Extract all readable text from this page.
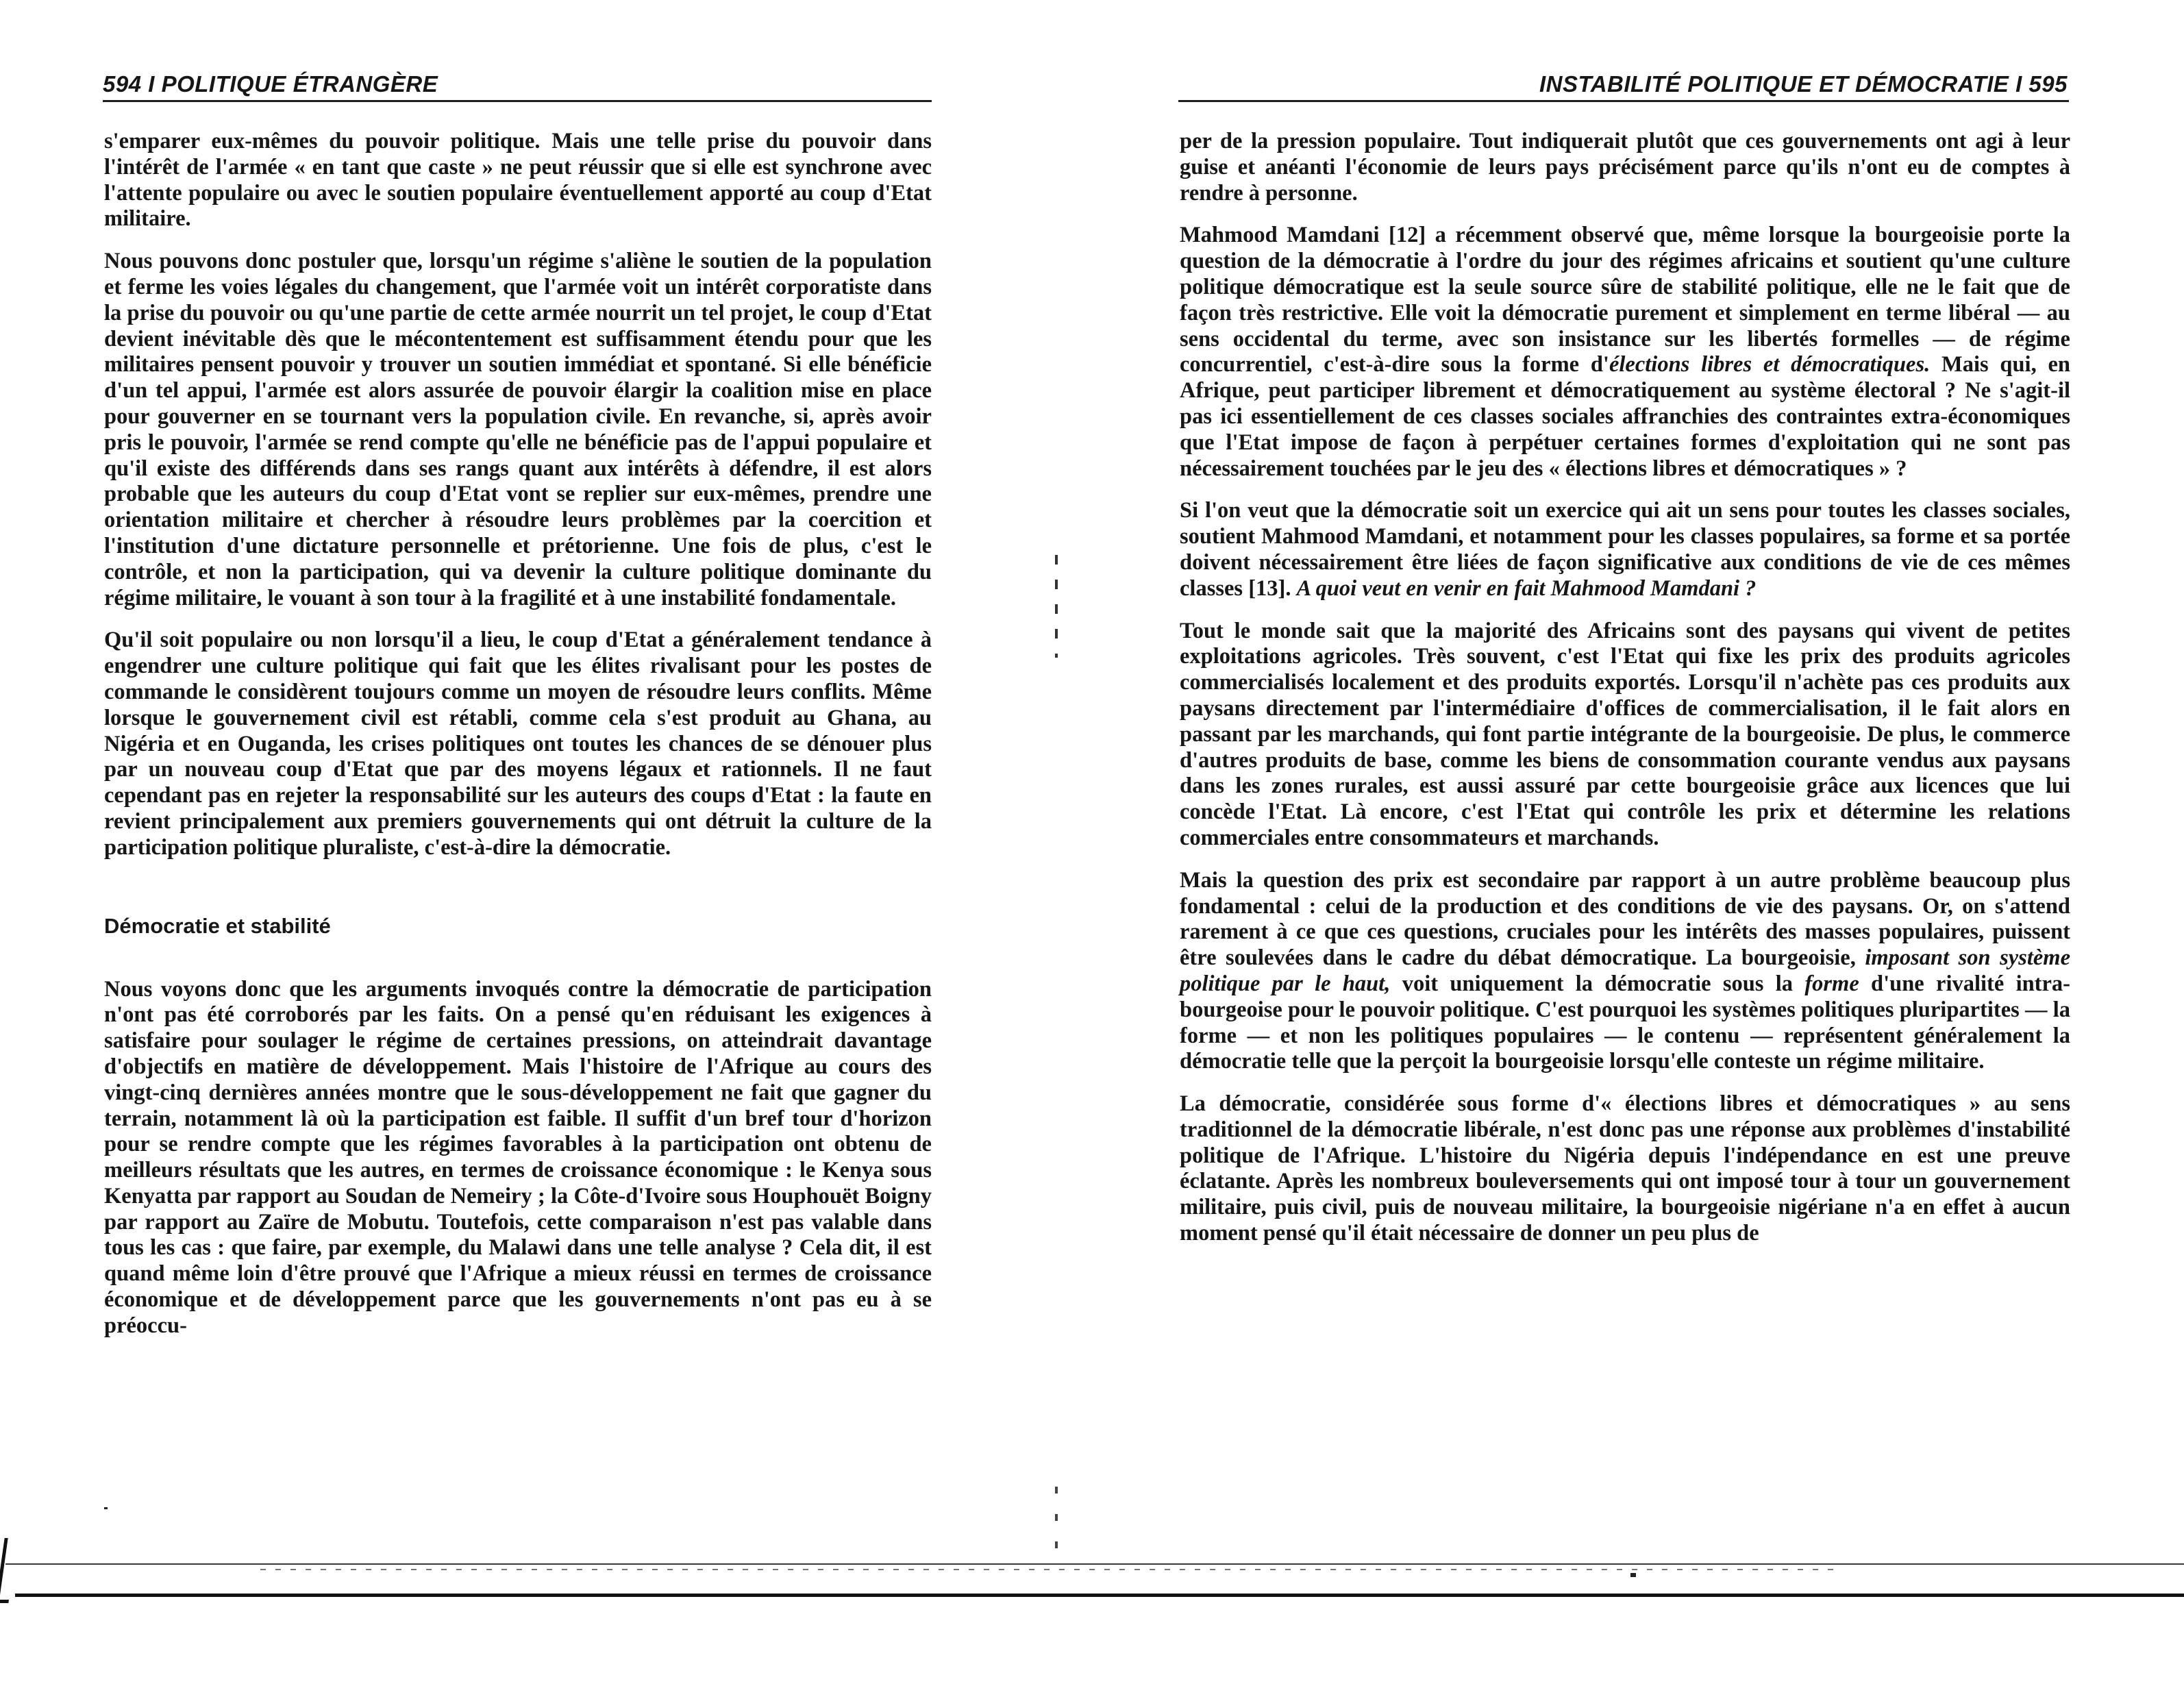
594 I POLITIQUE ÉTRANGÈRE

s'emparer eux-mêmes du pouvoir politique. Mais une telle prise du pouvoir dans l'intérêt de l'armée « en tant que caste » ne peut réussir que si elle est synchrone avec l'attente populaire ou avec le soutien populaire éventuellement apporté au coup d'Etat militaire.

Nous pouvons donc postuler que, lorsqu'un régime s'aliène le soutien de la population et ferme les voies légales du changement, que l'armée voit un intérêt corporatiste dans la prise du pouvoir ou qu'une partie de cette armée nourrit un tel projet, le coup d'Etat devient inévitable dès que le mécontentement est suffisamment étendu pour que les militaires pensent pouvoir y trouver un soutien immédiat et spontané. Si elle bénéficie d'un tel appui, l'armée est alors assurée de pouvoir élargir la coalition mise en place pour gouverner en se tournant vers la population civile. En revanche, si, après avoir pris le pouvoir, l'armée se rend compte qu'elle ne bénéficie pas de l'appui populaire et qu'il existe des différends dans ses rangs quant aux intérêts à défendre, il est alors probable que les auteurs du coup d'Etat vont se replier sur eux-mêmes, prendre une orientation militaire et chercher à résoudre leurs problèmes par la coercition et l'institution d'une dictature personnelle et prétorienne. Une fois de plus, c'est le contrôle, et non la participation, qui va devenir la culture politique dominante du régime militaire, le vouant à son tour à la fragilité et à une instabilité fondamentale.

Qu'il soit populaire ou non lorsqu'il a lieu, le coup d'Etat a généralement tendance à engendrer une culture politique qui fait que les élites rivalisant pour les postes de commande le considèrent toujours comme un moyen de résoudre leurs conflits. Même lorsque le gouvernement civil est rétabli, comme cela s'est produit au Ghana, au Nigéria et en Ouganda, les crises politiques ont toutes les chances de se dénouer plus par un nouveau coup d'Etat que par des moyens légaux et rationnels. Il ne faut cependant pas en rejeter la responsabilité sur les auteurs des coups d'Etat : la faute en revient principalement aux premiers gouvernements qui ont détruit la culture de la participation politique pluraliste, c'est-à-dire la démocratie.

Démocratie et stabilité

Nous voyons donc que les arguments invoqués contre la démocratie de participation n'ont pas été corroborés par les faits. On a pensé qu'en réduisant les exigences à satisfaire pour soulager le régime de certaines pressions, on atteindrait davantage d'objectifs en matière de développement. Mais l'histoire de l'Afrique au cours des vingt-cinq dernières années montre que le sous-développement ne fait que gagner du terrain, notamment là où la participation est faible. Il suffit d'un bref tour d'horizon pour se rendre compte que les régimes favorables à la participation ont obtenu de meilleurs résultats que les autres, en termes de croissance économique : le Kenya sous Kenyatta par rapport au Soudan de Nemeiry ; la Côte-d'Ivoire sous Houphouët Boigny par rapport au Zaïre de Mobutu. Toutefois, cette comparaison n'est pas valable dans tous les cas : que faire, par exemple, du Malawi dans une telle analyse ? Cela dit, il est quand même loin d'être prouvé que l'Afrique a mieux réussi en termes de croissance économique et de développement parce que les gouvernements n'ont pas eu à se préoccu-

INSTABILITÉ POLITIQUE ET DÉMOCRATIE I 595

per de la pression populaire. Tout indiquerait plutôt que ces gouvernements ont agi à leur guise et anéanti l'économie de leurs pays précisément parce qu'ils n'ont eu de comptes à rendre à personne.

Mahmood Mamdani [12] a récemment observé que, même lorsque la bourgeoisie porte la question de la démocratie à l'ordre du jour des régimes africains et soutient qu'une culture politique démocratique est la seule source sûre de stabilité politique, elle ne le fait que de façon très restrictive. Elle voit la démocratie purement et simplement en terme libéral — au sens occidental du terme, avec son insistance sur les libertés formelles — de régime concurrentiel, c'est-à-dire sous la forme d'élections libres et démocratiques. Mais qui, en Afrique, peut participer librement et démocratiquement au système électoral ? Ne s'agit-il pas ici essentiellement de ces classes sociales affranchies des contraintes extra-économiques que l'Etat impose de façon à perpétuer certaines formes d'exploitation qui ne sont pas nécessairement touchées par le jeu des « élections libres et démocratiques » ?

Si l'on veut que la démocratie soit un exercice qui ait un sens pour toutes les classes sociales, soutient Mahmood Mamdani, et notamment pour les classes populaires, sa forme et sa portée doivent nécessairement être liées de façon significative aux conditions de vie de ces mêmes classes [13]. A quoi veut en venir en fait Mahmood Mamdani ?

Tout le monde sait que la majorité des Africains sont des paysans qui vivent de petites exploitations agricoles. Très souvent, c'est l'Etat qui fixe les prix des produits agricoles commercialisés localement et des produits exportés. Lorsqu'il n'achète pas ces produits aux paysans directement par l'intermédiaire d'offices de commercialisation, il le fait alors en passant par les marchands, qui font partie intégrante de la bourgeoisie. De plus, le commerce d'autres produits de base, comme les biens de consommation courante vendus aux paysans dans les zones rurales, est aussi assuré par cette bourgeoisie grâce aux licences que lui concède l'Etat. Là encore, c'est l'Etat qui contrôle les prix et détermine les relations commerciales entre consommateurs et marchands.

Mais la question des prix est secondaire par rapport à un autre problème beaucoup plus fondamental : celui de la production et des conditions de vie des paysans. Or, on s'attend rarement à ce que ces questions, cruciales pour les intérêts des masses populaires, puissent être soulevées dans le cadre du débat démocratique. La bourgeoisie, imposant son système politique par le haut, voit uniquement la démocratie sous la forme d'une rivalité intra-bourgeoise pour le pouvoir politique. C'est pourquoi les systèmes politiques pluripartites — la forme — et non les politiques populaires — le contenu — représentent généralement la démocratie telle que la perçoit la bourgeoisie lorsqu'elle conteste un régime militaire.

La démocratie, considérée sous forme d'« élections libres et démocratiques » au sens traditionnel de la démocratie libérale, n'est donc pas une réponse aux problèmes d'instabilité politique de l'Afrique. L'histoire du Nigéria depuis l'indépendance en est une preuve éclatante. Après les nombreux bouleversements qui ont imposé tour à tour un gouvernement militaire, puis civil, puis de nouveau militaire, la bourgeoisie nigériane n'a en effet à aucun moment pensé qu'il était nécessaire de donner un peu plus de
